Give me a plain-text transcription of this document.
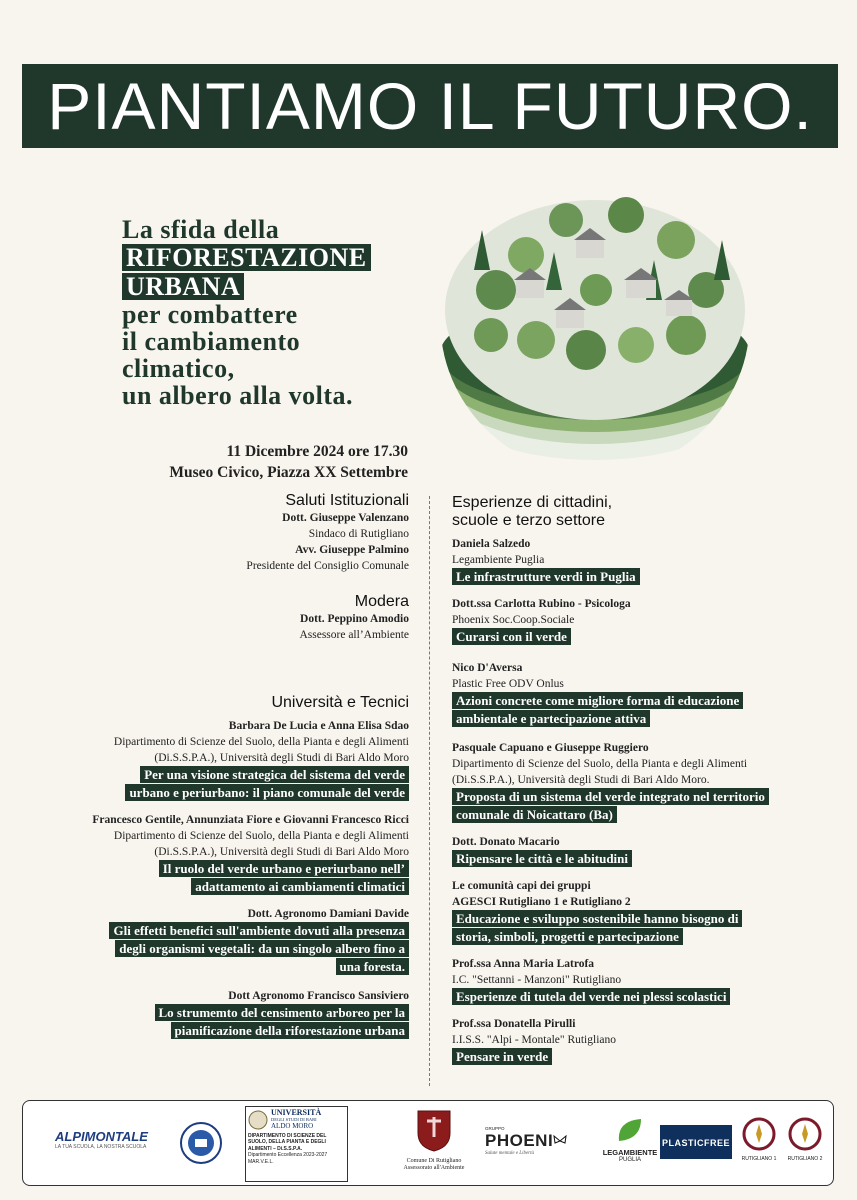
PIANTIAMO IL FUTURO.
La sfida della
RIFORESTAZIONE
URBANA
per combattere
il cambiamento
climatico,
un albero alla volta.
11 Dicembre 2024 ore 17.30
Museo Civico, Piazza XX Settembre
Saluti Istituzionali
Dott. Giuseppe Valenzano
Sindaco di Rutigliano
Avv. Giuseppe Palmino
Presidente del Consiglio Comunale
Modera
Dott. Peppino Amodio
Assessore all’Ambiente
Università e Tecnici
Barbara De Lucia e Anna Elisa Sdao
Dipartimento di Scienze del Suolo, della Pianta e degli Alimenti
(Di.S.S.P.A.), Università degli Studi di Bari Aldo Moro
Per una visione strategica del sistema del verde
urbano e periurbano: il piano comunale del verde
Francesco Gentile, Annunziata Fiore e Giovanni Francesco Ricci
Dipartimento di Scienze del Suolo, della Pianta e degli Alimenti
(Di.S.S.P.A.), Università degli Studi di Bari Aldo Moro
Il ruolo del verde urbano e periurbano nell’
adattamento ai cambiamenti climatici
Dott. Agronomo Damiani Davide
Gli effetti benefici sull'ambiente dovuti alla presenza
degli organismi vegetali: da un singolo albero fino a
una foresta.
Dott Agronomo Francisco Sansiviero
Lo strumemto del censimento arboreo per la
pianificazione della riforestazione urbana
Esperienze di cittadini,
scuole e terzo settore
Daniela Salzedo
Legambiente Puglia
Le infrastrutture verdi in Puglia
Dott.ssa Carlotta Rubino - Psicologa
Phoenix Soc.Coop.Sociale
Curarsi con il verde
Nico D'Aversa
Plastic Free ODV Onlus
Azioni concrete come migliore forma di educazione
ambientale e partecipazione attiva
Pasquale Capuano e Giuseppe Ruggiero
Dipartimento di Scienze del Suolo, della Pianta e degli Alimenti
(Di.S.S.P.A.), Università degli Studi di Bari Aldo Moro.
Proposta di un sistema del verde integrato nel territorio
comunale di Noicattaro (Ba)
Dott. Donato Macario
Ripensare le città e le abitudini
Le comunità capi dei gruppi
AGESCI Rutigliano 1 e Rutigliano 2
Educazione e sviluppo sostenibile hanno bisogno di
storia, simboli, progetti e partecipazione
Prof.ssa Anna Maria Latrofa
I.C. "Settanni - Manzoni" Rutigliano
Esperienze di tutela del verde nei plessi scolastici
Prof.ssa Donatella Pirulli
I.I.S.S. "Alpi - Montale" Rutigliano
Pensare in verde
ALPIMONTALE
LA TUA SCUOLA, LA NOSTRA SCUOLA
UNIVERSITÀ
DEGLI STUDI DI BARI
ALDO MORO
DIPARTIMENTO DI SCIENZE DEL
SUOLO, DELLA PIANTA E DEGLI
ALIMENTI – Di.S.S.P.A.
Dipartimento Eccellenza 2023-2027
MAR.V.E.L.	Comune Di Rutigliano
Assessorato all'Ambiente
GRUPPO
PHOENI
Salute mentale e Libertà	LEGAMBIENTE
PUGLIA
PLASTICFREE
RUTIGLIANO 1	RUTIGLIANO 2
